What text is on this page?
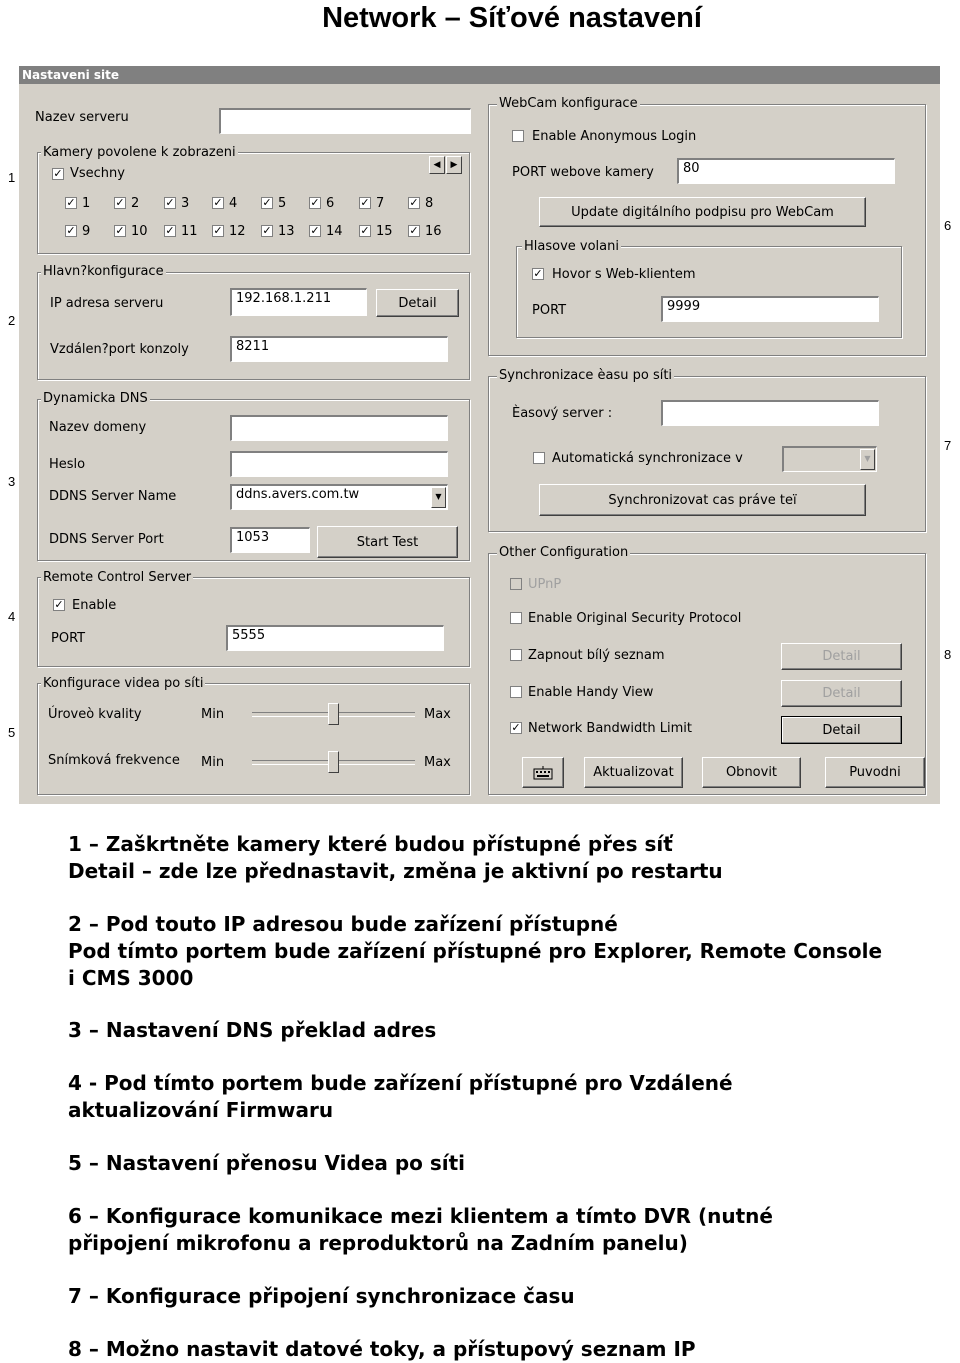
Network – Síťové nastavení
1
2
3
4
5
6
7
8
Nastaveni site
Nazev serveru
Kamery povolene k zobrazeni
◀	▶
✓ Vsechny
✓ 1 ✓ 2 ✓ 3 ✓ 4 ✓ 5 ✓ 6 ✓ 7 ✓ 8
✓ 9 ✓ 10 ✓ 11 ✓ 12 ✓ 13 ✓ 14 ✓ 15 ✓ 16
Hlavn?konfigurace
IP adresa serveru	192.168.1.211	Detail
Vzdálen?port konzoly	8211
Dynamicka DNS
Nazev domeny
Heslo
DDNS Server Name	ddns.avers.com.tw	▼
DDNS Server Port	1053	Start Test
Remote Control Server
✓ Enable
PORT	5555
Konfigurace videa po síti
Úroveò kvality	Min	Max
Snímková frekvence Min	Max
WebCam konfigurace
Enable Anonymous Login
PORT webove kamery	80
Update digitálního podpisu pro WebCam
Hlasove volani
✓ Hovor s Web-klientem
PORT	9999
Synchronizace èasu po síti
Èasový server :
Automatická synchronizace v	▼
Synchronizovat cas práve teï
Other Configuration
UPnP
Enable Original Security Protocol
Zapnout bílý seznam	Detail
Enable Handy View	Detail
✓ Network Bandwidth Limit	Detail
Aktualizovat	Obnovit	Puvodni
1 – Zaškrtněte kamery které budou přístupné přes síť
Detail – zde lze přednastavit, změna je aktivní po restartu
2 – Pod touto IP adresou bude zařízení přístupné
Pod tímto portem bude zařízení přístupné pro Explorer, Remote Console
i CMS 3000
3 – Nastavení DNS překlad adres
4 - Pod tímto portem bude zařízení přístupné pro Vzdálené
aktualizování Firmwaru
5 – Nastavení přenosu Videa po síti
6 – Konfigurace komunikace mezi klientem a tímto DVR (nutné
připojení mikrofonu a reproduktorů na Zadním panelu)
7 – Konfigurace připojení synchronizace času
8 – Možno nastavit datové toky, a přístupový seznam IP
